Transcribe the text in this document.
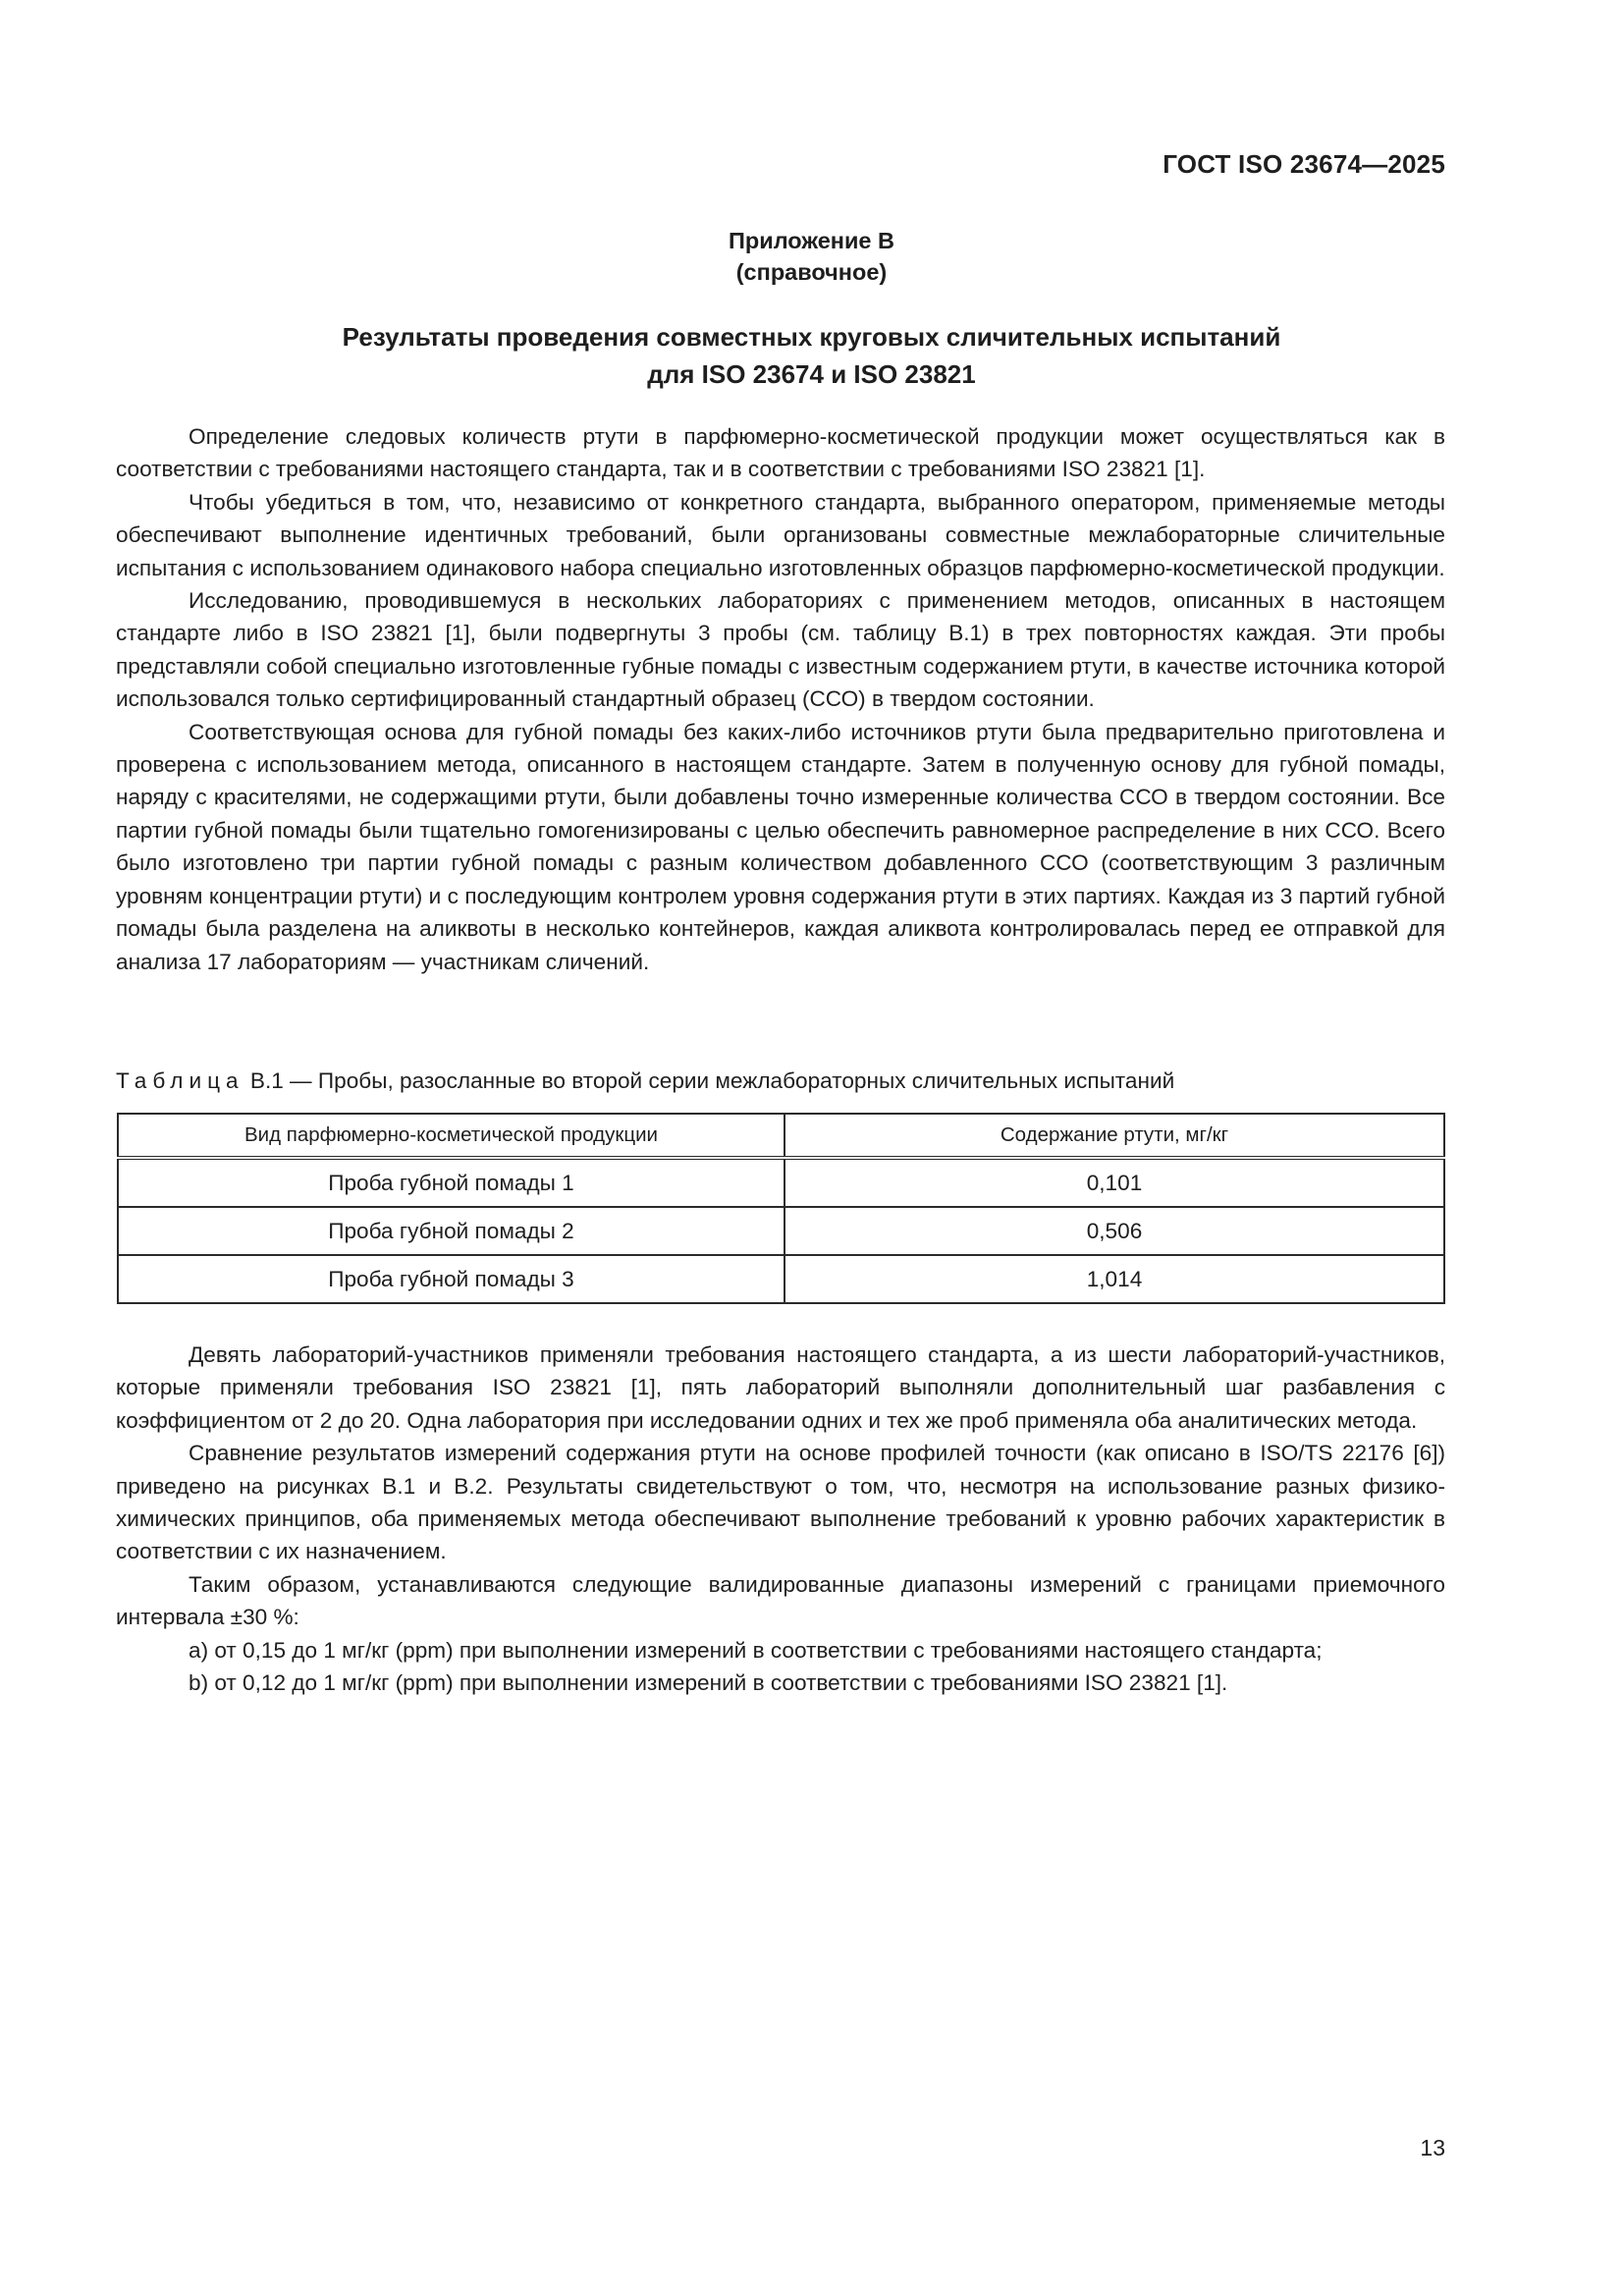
ГОСТ ISO 23674—2025
Приложение В
(справочное)
Результаты проведения совместных круговых сличительных испытаний
для ISO 23674 и ISO 23821

Определение следовых количеств ртути в парфюмерно-косметической продукции может осуществляться как в соответствии с требованиями настоящего стандарта, так и в соответствии с требованиями ISO 23821 [1].

Чтобы убедиться в том, что, независимо от конкретного стандарта, выбранного оператором, применяемые методы обеспечивают выполнение идентичных требований, были организованы совместные межлабораторные сличительные испытания с использованием одинакового набора специально изготовленных образцов парфюмерно-косметической продукции.

Исследованию, проводившемуся в нескольких лабораториях с применением методов, описанных в настоящем стандарте либо в ISO 23821 [1], были подвергнуты 3 пробы (см. таблицу В.1) в трех повторностях каждая. Эти пробы представляли собой специально изготовленные губные помады с известным содержанием ртути, в качестве источника которой использовался только сертифицированный стандартный образец (ССО) в твердом состоянии.

Соответствующая основа для губной помады без каких-либо источников ртути была предварительно приготовлена и проверена с использованием метода, описанного в настоящем стандарте. Затем в полученную основу для губной помады, наряду с красителями, не содержащими ртути, были добавлены точно измеренные количества ССО в твердом состоянии. Все партии губной помады были тщательно гомогенизированы с целью обеспечить равномерное распределение в них ССО. Всего было изготовлено три партии губной помады с разным количеством добавленного ССО (соответствующим 3 различным уровням концентрации ртути) и с последующим контролем уровня содержания ртути в этих партиях. Каждая из 3 партий губной помады была разделена на аликвоты в несколько контейнеров, каждая аликвота контролировалась перед ее отправкой для анализа 17 лабораториям — участникам сличений.

Таблица В.1 — Пробы, разосланные во второй серии межлабораторных сличительных испытаний
Вид парфюмерно-косметической продукции	Содержание ртути, мг/кг
Проба губной помады 1	0,101
Проба губной помады 2	0,506
Проба губной помады 3	1,014

Девять лабораторий-участников применяли требования настоящего стандарта, а из шести лабораторий-участников, которые применяли требования ISO 23821 [1], пять лабораторий выполняли дополнительный шаг разбавления с коэффициентом от 2 до 20. Одна лаборатория при исследовании одних и тех же проб применяла оба аналитических метода.

Сравнение результатов измерений содержания ртути на основе профилей точности (как описано в ISO/TS 22176 [6]) приведено на рисунках В.1 и В.2. Результаты свидетельствуют о том, что, несмотря на использование разных физико-химических принципов, оба применяемых метода обеспечивают выполнение требований к уровню рабочих характеристик в соответствии с их назначением.

Таким образом, устанавливаются следующие валидированные диапазоны измерений с границами приемочного интервала ±30 %:

a) от 0,15 до 1 мг/кг (ppm) при выполнении измерений в соответствии с требованиями настоящего стандарта;
b) от 0,12 до 1 мг/кг (ppm) при выполнении измерений в соответствии с требованиями ISO 23821 [1].
13
